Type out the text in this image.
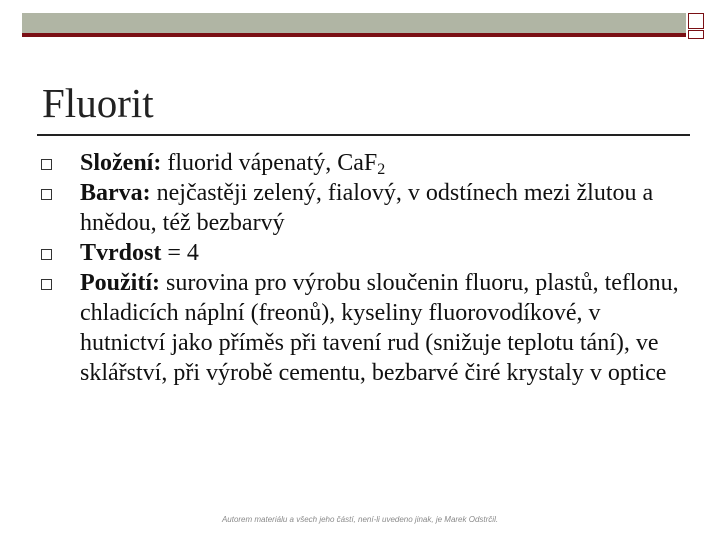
Fluorit
Složení: fluorid vápenatý, CaF$_2$
Barva: nejčastěji zelený, fialový, v odstínech mezi žlutou a hnědou, též bezbarvý
Tvrdost = 4
Použití: surovina pro výrobu sloučenin fluoru, plastů, teflonu, chladicích náplní (freonů), kyseliny fluorovodíkové, v hutnictví jako příměs při tavení rud (snižuje teplotu tání), ve sklářství, při výrobě cementu, bezbarvé čiré krystaly v optice
Autorem materiálu a všech jeho částí, není-li uvedeno jinak, je Marek Odstrčil.
